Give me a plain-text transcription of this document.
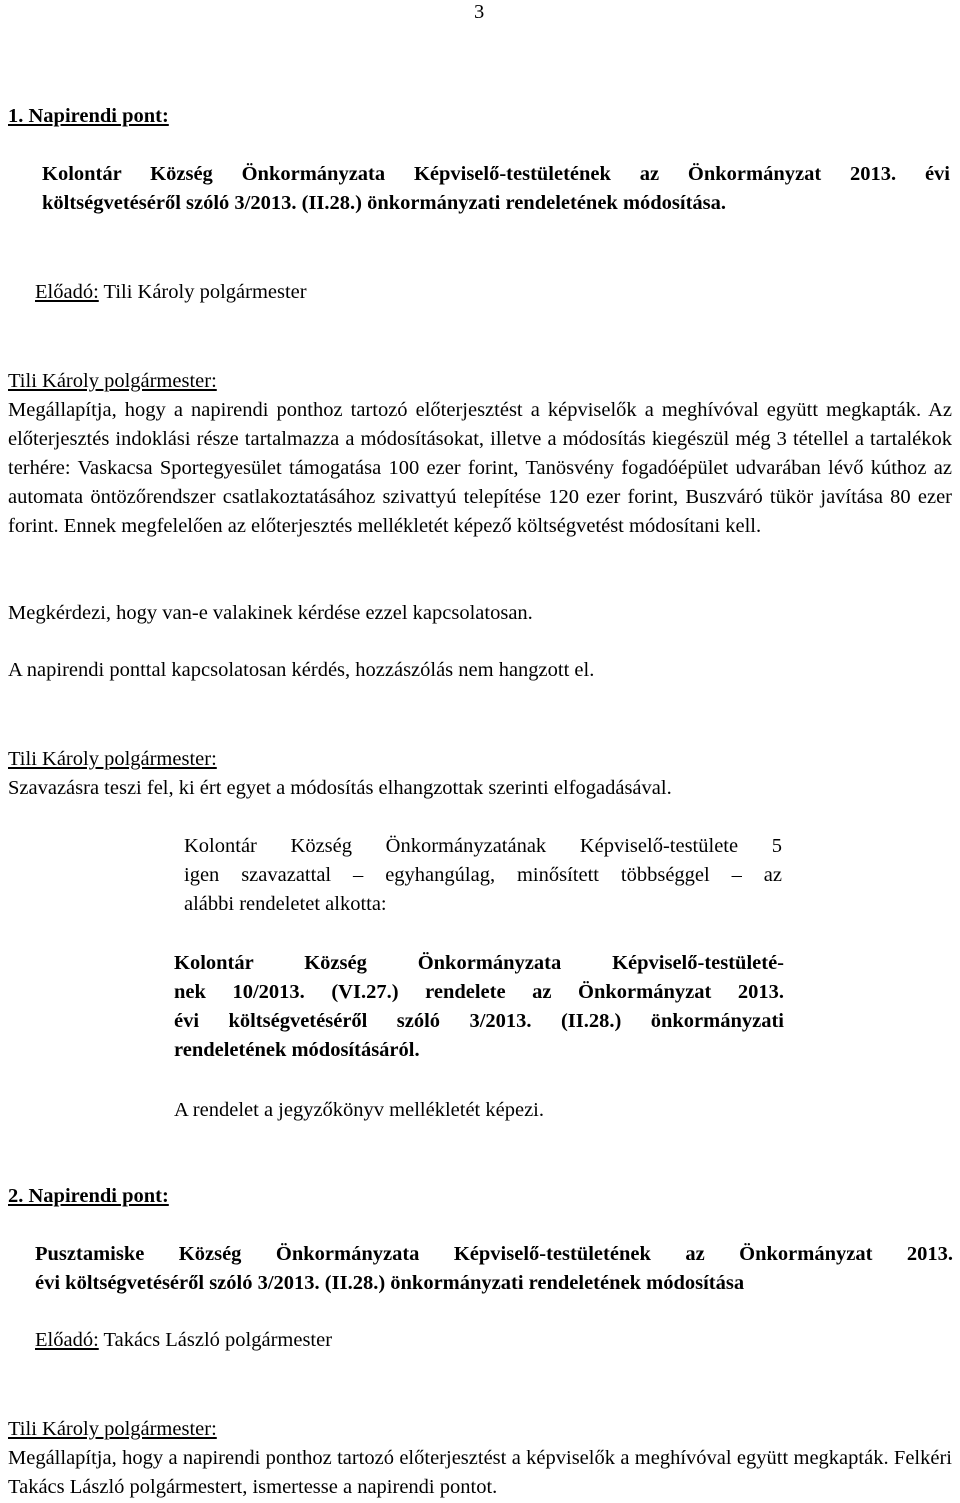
3
1. Napirendi pont:
Kolontár Község Önkormányzata Képviselő-testületének az Önkormányzat 2013. évi
költségvetéséről szóló 3/2013. (II.28.) önkormányzati rendeletének módosítása.
Előadó: Tili Károly polgármester
Tili Károly polgármester:
Megállapítja, hogy a napirendi ponthoz tartozó előterjesztést a képviselők a meghívóval együtt megkapták. Az előterjesztés indoklási része tartalmazza a módosításokat, illetve a módosítás kiegészül még 3 tétellel a tartalékok terhére: Vaskacsa Sportegyesület támogatása 100 ezer forint, Tanösvény fogadóépület udvarában lévő kúthoz az automata öntözőrendszer csatlakoztatásához szivattyú telepítése 120 ezer forint, Buszváró tükör javítása 80 ezer forint. Ennek megfelelően az előterjesztés mellékletét képező költségvetést módosítani kell.
Megkérdezi, hogy van-e valakinek kérdése ezzel kapcsolatosan.
A napirendi ponttal kapcsolatosan kérdés, hozzászólás nem hangzott el.
Tili Károly polgármester:
Szavazásra teszi fel, ki ért egyet a módosítás elhangzottak szerinti elfogadásával.
Kolontár Község Önkormányzatának Képviselő-testülete 5
igen szavazattal – egyhangúlag, minősített többséggel – az
alábbi rendeletet alkotta:
Kolontár Község Önkormányzata Képviselő-testületé-
nek 10/2013. (VI.27.) rendelete az Önkormányzat 2013.
évi költségvetéséről szóló 3/2013. (II.28.) önkormányzati
rendeletének módosításáról.
A rendelet a jegyzőkönyv mellékletét képezi.
2. Napirendi pont:
Pusztamiske Község Önkormányzata Képviselő-testületének az Önkormányzat 2013.
évi költségvetéséről szóló 3/2013. (II.28.) önkormányzati rendeletének módosítása
Előadó: Takács László polgármester
Tili Károly polgármester:
Megállapítja, hogy a napirendi ponthoz tartozó előterjesztést a képviselők a meghívóval együtt megkapták. Felkéri Takács László polgármestert, ismertesse a napirendi pontot.
